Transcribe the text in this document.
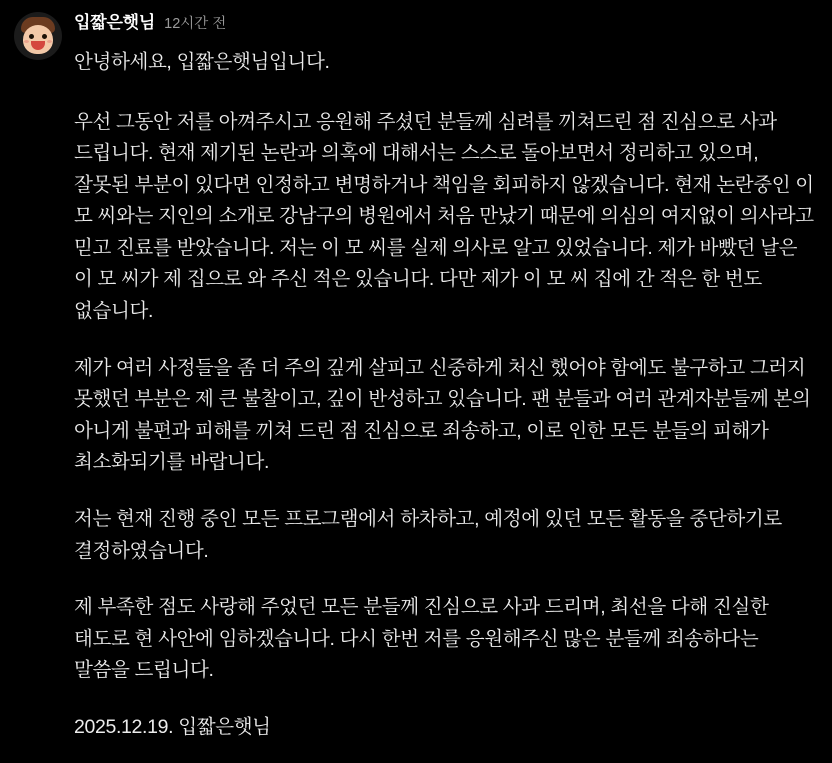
입짧은햇님 12시간 전

안녕하세요, 입짧은햇님입니다.

우선 그동안 저를 아껴주시고 응원해 주셨던 분들께 심려를 끼쳐드린 점 진심으로 사과 드립니다. 현재 제기된 논란과 의혹에 대해서는 스스로 돌아보면서 정리하고 있으며, 잘못된 부분이 있다면 인정하고 변명하거나 책임을 회피하지 않겠습니다. 현재 논란중인 이 모 씨와는 지인의 소개로 강남구의 병원에서 처음 만났기 때문에 의심의 여지없이 의사라고 믿고 진료를 받았습니다. 저는 이 모 씨를 실제 의사로 알고 있었습니다. 제가 바빴던 날은 이 모 씨가 제 집으로 와 주신 적은 있습니다. 다만 제가 이 모 씨 집에 간 적은 한 번도 없습니다.

제가 여러 사정들을 좀 더 주의 깊게 살피고 신중하게 처신 했어야 함에도 불구하고 그러지 못했던 부분은 제 큰 불찰이고, 깊이 반성하고 있습니다. 팬 분들과 여러 관계자분들께 본의 아니게 불편과 피해를 끼쳐 드린 점 진심으로 죄송하고, 이로 인한 모든 분들의 피해가 최소화되기를 바랍니다.

저는 현재 진행 중인 모든 프로그램에서 하차하고, 예정에 있던 모든 활동을 중단하기로 결정하였습니다.

제 부족한 점도 사랑해 주었던 모든 분들께 진심으로 사과 드리며, 최선을 다해 진실한 태도로 현 사안에 임하겠습니다. 다시 한번 저를 응원해주신 많은 분들께 죄송하다는 말씀을 드립니다.

2025.12.19. 입짧은햇님
